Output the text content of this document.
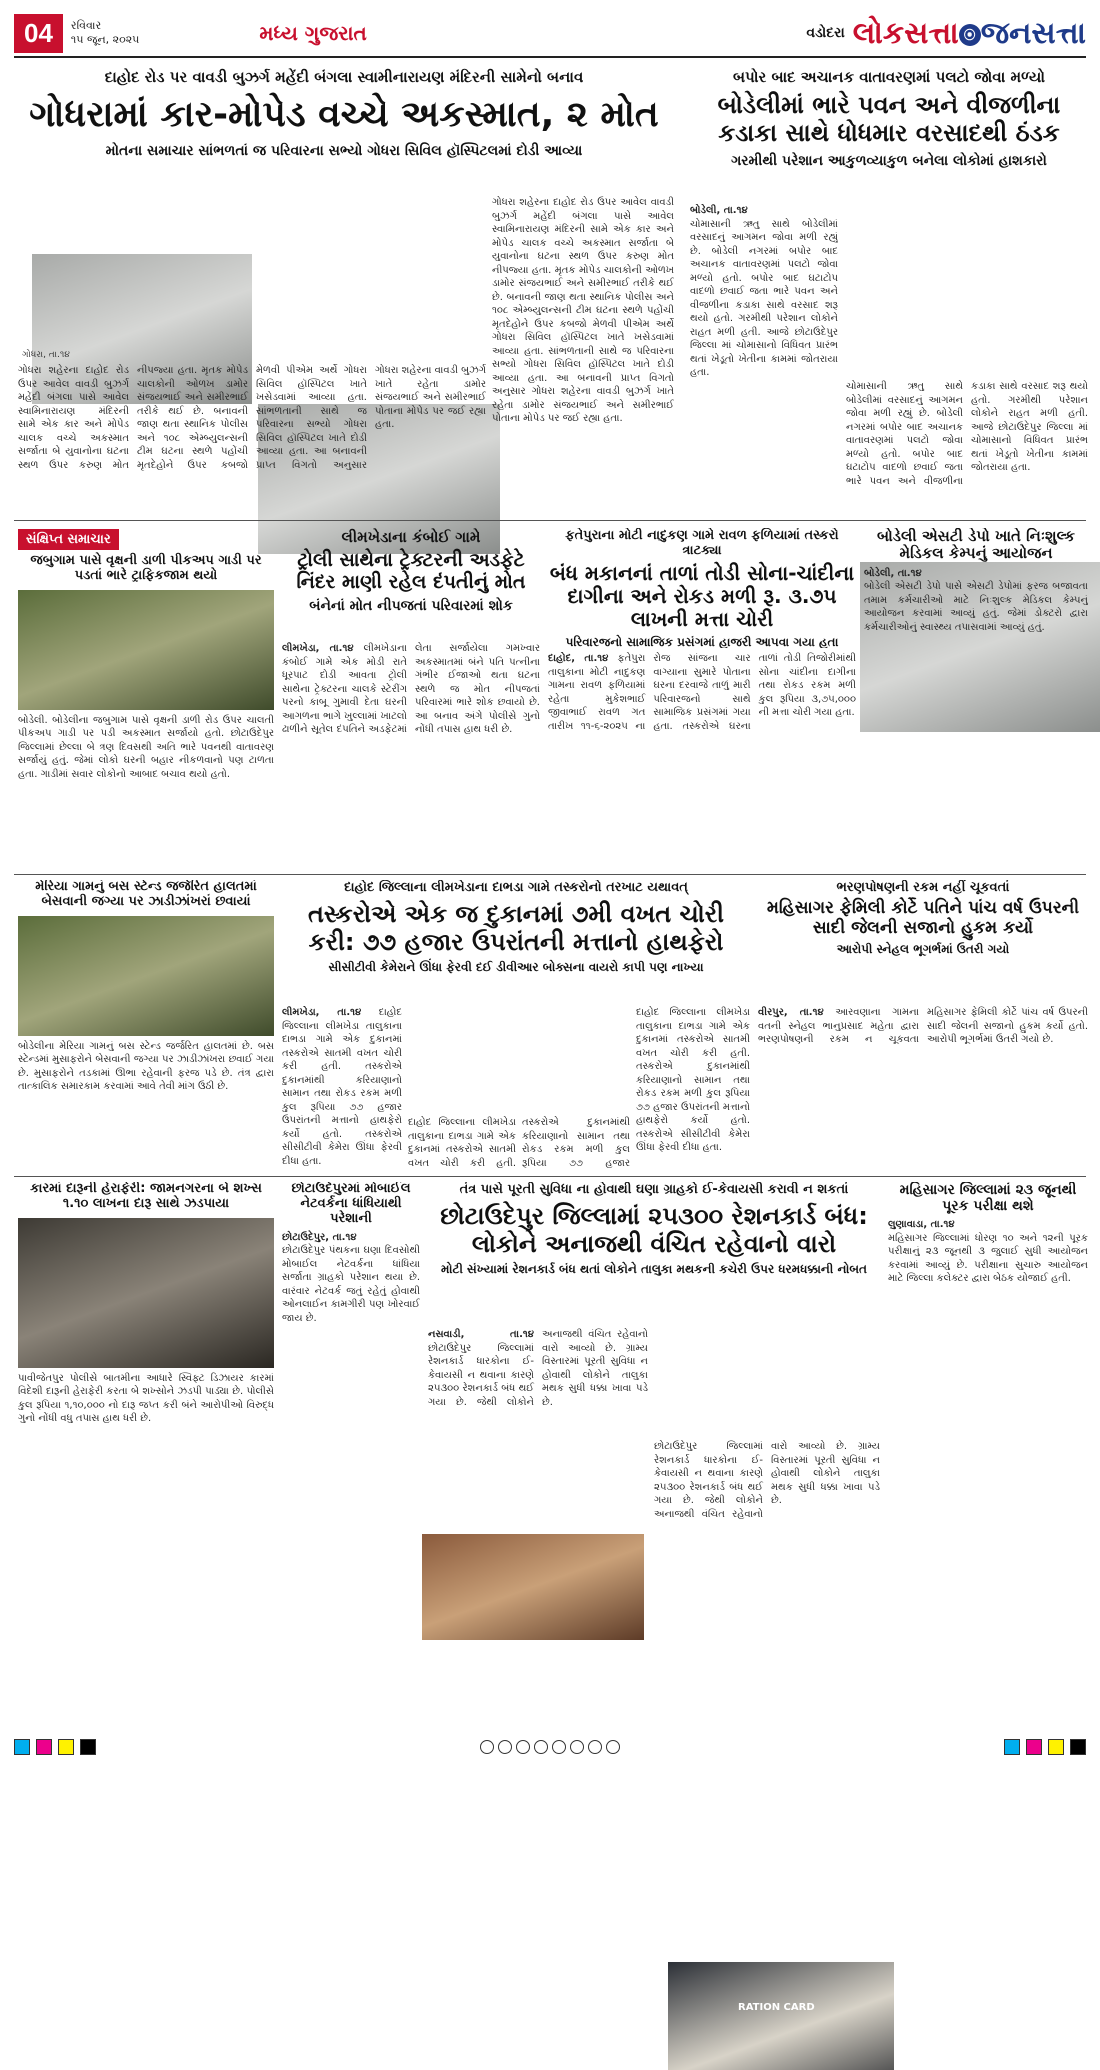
04	રવિવાર
૧૫ જૂન, ૨૦૨૫	મધ્ય ગુજરાત	વડોદરા લોકસત્તા ⦿ જનસત્તા
દાહોદ રોડ પર વાવડી બુઝર્ગ મહેંદી બંગલા સ્વામીનારાયણ મંદિરની સામેનો બનાવ
ગોધરામાં કાર-મોપેડ વચ્ચે અકસ્માત, ૨ મોત
મોતના સમાચાર સાંભળતાં જ પરિવારના સભ્યો ગોધરા સિવિલ હૉસ્પિટલમાં દોડી આવ્યા
ગોધરા, તા.૧૪
ગોધરા શહેરના દાહોદ રોડ ઉપર આવેલ વાવડી બુઝર્ગ મહેંદી બંગલા પાસે આવેલ સ્વામિનારાયણ મંદિરની સામે એક કાર અને મોપેડ ચાલક વચ્ચે અકસ્માત સર્જાતા બે યુવાનોના ઘટના સ્થળ ઉપર કરુણ મોત નીપજ્યા હતા. મૃતક મોપેડ ચાલકોની ઓળખ ડામોર સંજયભાઈ અને સમીરભાઈ તરીકે થઈ છે. બનાવની જાણ થતા સ્થાનિક પોલીસ અને ૧૦૮ એમ્બ્યુલન્સની ટીમ ઘટના સ્થળે પહોંચી મૃતદેહોને ઉપર કબજો મેળવી પીએમ અર્થે ગોધરા સિવિલ હૉસ્પિટલ ખાતે ખસેડવામાં આવ્યા હતા. સાંભળતાની સાથે જ પરિવારના સભ્યો ગોધરા સિવિલ હૉસ્પિટલ ખાતે દોડી આવ્યા હતા. આ બનાવની પ્રાપ્ત વિગતો અનુસાર ગોધરા શહેરના વાવડી બુઝર્ગ ખાતે રહેતા ડામોર સંજયભાઈ અને સમીરભાઈ પોતાના મોપેડ પર જઈ રહ્યા હતા.
ગોધરા શહેરના દાહોદ રોડ ઉપર આવેલ વાવડી બુઝર્ગ મહેંદી બંગલા પાસે આવેલ સ્વામિનારાયણ મંદિરની સામે એક કાર અને મોપેડ ચાલક વચ્ચે અકસ્માત સર્જાતા બે યુવાનોના ઘટના સ્થળ ઉપર કરુણ મોત નીપજ્યા હતા. મૃતક મોપેડ ચાલકોની ઓળખ ડામોર સંજયભાઈ અને સમીરભાઈ તરીકે થઈ છે. બનાવની જાણ થતા સ્થાનિક પોલીસ અને ૧૦૮ એમ્બ્યુલન્સની ટીમ ઘટના સ્થળે પહોંચી મૃતદેહોને ઉપર કબજો મેળવી પીએમ અર્થે ગોધરા સિવિલ હૉસ્પિટલ ખાતે ખસેડવામાં આવ્યા હતા. સાંભળતાની સાથે જ પરિવારના સભ્યો ગોધરા સિવિલ હૉસ્પિટલ ખાતે દોડી આવ્યા હતા. આ બનાવની પ્રાપ્ત વિગતો અનુસાર ગોધરા શહેરના વાવડી બુઝર્ગ ખાતે રહેતા ડામોર સંજયભાઈ અને સમીરભાઈ પોતાના મોપેડ પર જઈ રહ્યા હતા.
બપોર બાદ અચાનક વાતાવરણમાં પલટો જોવા મળ્યો
બોડેલીમાં ભારે પવન અને વીજળીના કડાકા સાથે ધોધમાર વરસાદથી ઠંડક
ગરમીથી પરેશાન આકુળવ્યાકુળ બનેલા લોકોમાં હાશકારો
બોડેલી, તા.૧૪
ચોમાસાની ઋતુ સાથે બોડેલીમાં વરસાદનું આગમન જોવા મળી રહ્યું છે. બોડેલી નગરમાં બપોર બાદ અચાનક વાતાવરણમાં પલટો જોવા મળ્યો હતો. બપોર બાદ ઘટાટોપ વાદળો છવાઈ જતા ભારે પવન અને વીજળીના કડાકા સાથે વરસાદ શરૂ થયો હતો. ગરમીથી પરેશાન લોકોને રાહત મળી હતી. આજે છોટાઉદેપુર જિલ્લા માં ચોમાસાનો વિધિવત પ્રારંભ થતાં ખેડૂતો ખેતીના કામમાં જોતરાયા હતા.
ચોમાસાની ઋતુ સાથે બોડેલીમાં વરસાદનું આગમન જોવા મળી રહ્યું છે. બોડેલી નગરમાં બપોર બાદ અચાનક વાતાવરણમાં પલટો જોવા મળ્યો હતો. બપોર બાદ ઘટાટોપ વાદળો છવાઈ જતા ભારે પવન અને વીજળીના કડાકા સાથે વરસાદ શરૂ થયો હતો. ગરમીથી પરેશાન લોકોને રાહત મળી હતી. આજે છોટાઉદેપુર જિલ્લા માં ચોમાસાનો વિધિવત પ્રારંભ થતાં ખેડૂતો ખેતીના કામમાં જોતરાયા હતા.
સંક્ષિપ્ત સમાચાર
જબુગામ પાસે વૃક્ષની ડાળી પીકઅપ ગાડી પર પડતાં ભારે ટ્રાફિકજામ થયો
બોડેલી. બોડેલીના જબુગામ પાસે વૃક્ષની ડાળી રોડ ઉપર ચાલતી પીકઅપ ગાડી પર પડી અકસ્માત સર્જાયો હતો. છોટાઉદેપુર જિલ્લામાં છેલ્લા બે ત્રણ દિવસથી અતિ ભારે પવનથી વાતાવરણ સર્જાયું હતું. જેમાં લોકો ઘરની બહાર નીકળવાનો પણ ટાળતા હતા. ગાડીમાં સવાર લોકોનો આબાદ બચાવ થયો હતો.
લીમખેડાના કંબોઈ ગામે
ટ્રોલી સાથેના ટ્રેક્ટરની અડફેટે નિંદર માણી રહેલ દંપતીનું મોત
બંનેનાં મોત નીપજતાં પરિવારમાં શોક
લીમખેડા, તા.૧૪ લીમખેડાના કંબોઈ ગામે એક મોડી રાતે ધૂરપાટ દોડી આવતા ટ્રોલી સાથેના ટ્રેક્ટરના ચાલકે સ્ટેરીંગ પરનો કાબૂ ગુમાવી દેતા ઘરની આગળના ભાગે ખુલ્લામાં ખાટલો ઢાળીને સૂતેલ દંપતિને અડફેટમાં લેતા સર્જાયેલા ગમખ્વાર અકસ્માતમાં બંને પતિ પત્નીના ગંભીર ઈજાઓ થતા ઘટના સ્થળે જ મોત નીપજતાં પરિવારમાં ભારે શોક છવાયો છે. આ બનાવ અંગે પોલીસે ગુનો નોંધી તપાસ હાથ ધરી છે.
ફતેપુરાના મોટી નાદુકણ ગામે રાવળ ફળિયામાં તસ્કરો ત્રાટક્યા
બંધ મકાનનાં તાળાં તોડી સોના-ચાંદીના દાગીના અને રોકડ મળી રૂ. ૩.૭૫ લાખની મત્તા ચોરી
પરિવારજનો સામાજિક પ્રસંગમાં હાજરી આપવા ગયા હતા
દાહોદ, તા.૧૪ ફતેપુરા તાલુકાના મોટી નાદુકણ ગામના રાવળ ફળિયામાં રહેતા મુકેશભાઈ જીવાભાઈ રાવળ ગત તારીખ ૧૧-૬-૨૦૨૫ ના રોજ સાંજના ચાર વાગ્યાના સુમારે પોતાના ઘરના દરવાજે તાળું મારી પરિવારજનો સાથે સામાજિક પ્રસંગમાં ગયા હતા. તસ્કરોએ ઘરના તાળાં તોડી તિજોરીમાંથી સોના ચાંદીના દાગીના તથા રોકડ રકમ મળી કુલ રૂપિયા ૩,૭૫,૦૦૦ ની મત્તા ચોરી ગયા હતા.
બોડેલી એસટી ડેપો ખાતે નિઃશુલ્ક મેડિકલ કેમ્પનું આયોજન
બોડેલી, તા.૧૪
બોડેલી એસટી ડેપો પાસે એસટી ડેપોમાં ફરજ બજાવતા તમામ કર્મચારીઓ માટે નિઃશુલ્ક મેડિકલ કેમ્પનું આયોજન કરવામાં આવ્યું હતું. જેમાં ડોક્ટરો દ્વારા કર્મચારીઓનું સ્વાસ્થ્ય તપાસવામાં આવ્યું હતું.
મેરિયા ગામનું બસ સ્ટેન્ડ જર્જરિત હાલતમાં બેસવાની જગ્યા પર ઝાડીઝાંખરાં છવાયાં
બોડેલીના મેરિયા ગામનું બસ સ્ટેન્ડ જર્જરિત હાલતમાં છે. બસ સ્ટેન્ડમાં મુસાફરોને બેસવાની જગ્યા પર ઝાડીઝાંખરા છવાઈ ગયા છે. મુસાફરોને તડકામાં ઊભા રહેવાની ફરજ પડે છે. તંત્ર દ્વારા તાત્કાલિક સમારકામ કરવામાં આવે તેવી માંગ ઉઠી છે.
દાહોદ જિલ્લાના લીમખેડાના દાભડા ગામે તસ્કરોનો તરખાટ યથાવત્
તસ્કરોએ એક જ દુકાનમાં ૭મી વખત ચોરી કરી: ૭૭ હજાર ઉપરાંતની મત્તાનો હાથફેરો
સીસીટીવી કેમેરાને ઊંધા ફેરવી દઈ ડીવીઆર બોક્સના વાયરો કાપી પણ નાખ્યા
લીમખેડા, તા.૧૪ દાહોદ જિલ્લાના લીમખેડા તાલુકાના દાભડા ગામે એક દુકાનમાં તસ્કરોએ સાતમી વખત ચોરી કરી હતી. તસ્કરોએ દુકાનમાંથી કરિયાણાનો સામાન તથા રોકડ રકમ મળી કુલ રૂપિયા ૭૭ હજાર ઉપરાંતની મત્તાનો હાથફેરો કર્યો હતો. તસ્કરોએ સીસીટીવી કેમેરા ઊંધા ફેરવી દીધા હતા.
દાહોદ જિલ્લાના લીમખેડા તાલુકાના દાભડા ગામે એક દુકાનમાં તસ્કરોએ સાતમી વખત ચોરી કરી હતી. તસ્કરોએ દુકાનમાંથી કરિયાણાનો સામાન તથા રોકડ રકમ મળી કુલ રૂપિયા ૭૭ હજાર
દાહોદ જિલ્લાના લીમખેડા તાલુકાના દાભડા ગામે એક દુકાનમાં તસ્કરોએ સાતમી વખત ચોરી કરી હતી. તસ્કરોએ દુકાનમાંથી કરિયાણાનો સામાન તથા રોકડ રકમ મળી કુલ રૂપિયા ૭૭ હજાર ઉપરાંતની મત્તાનો હાથફેરો કર્યો હતો. તસ્કરોએ સીસીટીવી કેમેરા ઊંધા ફેરવી દીધા હતા.
ભરણપોષણની રકમ નહીં ચૂકવતાં
મહિસાગર ફેમિલી કોર્ટે પતિને પાંચ વર્ષ ઉપરની સાદી જેલની સજાનો હુકમ કર્યો
આરોપી સ્નેહલ ભૂગર્ભમાં ઉતરી ગયો
વીરપુર, તા.૧૪ આરવણાના ગામના વતની સ્નેહલ ભાનુપ્રસાદ મહેતા દ્વારા ભરણપોષણની રકમ ન ચૂકવતા મહિસાગર ફેમિલી કોર્ટે પાંચ વર્ષ ઉપરની સાદી જેલની સજાનો હુકમ કર્યો હતો. આરોપી ભૂગર્ભમાં ઉતરી ગયો છે.
કારમાં દારૂની હેરાફેરી: જામનગરના બે શખ્સ ૧.૧૦ લાખના દારૂ સાથે ઝડપાયા
પાવીજેતપુર પોલીસે બાતમીના આધારે સ્વિફ્ટ ડિઝાયર કારમાં વિદેશી દારૂની હેરાફેરી કરતા બે શખ્સોને ઝડપી પાડ્યા છે. પોલીસે કુલ રૂપિયા ૧,૧૦,૦૦૦ નો દારૂ જપ્ત કરી બંને આરોપીઓ વિરુદ્ધ ગુનો નોંધી વધુ તપાસ હાથ ધરી છે.
છોટાઉદેપુરમાં મોબાઈલ નેટવર્કના ધાંધિયાથી પરેશાની
છોટાઉદેપુર, તા.૧૪
છોટાઉદેપુર પંથકના ઘણા દિવસોથી મોબાઈલ નેટવર્કના ધાંધિયા સર્જાતા ગ્રાહકો પરેશાન થયા છે. વારંવાર નેટવર્ક જતું રહેતું હોવાથી ઓનલાઈન કામગીરી પણ ખોરવાઈ જાય છે.
તંત્ર પાસે પૂરતી સુવિધા ના હોવાથી ઘણા ગ્રાહકો ઈ-કેવાયસી કરાવી ન શકતાં
છોટાઉદેપુર જિલ્લામાં ૨૫૩૦૦ રેશનકાર્ડ બંધ: લોકોને અનાજથી વંચિત રહેવાનો વારો
મોટી સંખ્યામાં રેશનકાર્ડ બંધ થતાં લોકોને તાલુકા મથકની કચેરી ઉપર ધરમધક્કાની નોબત
નસવાડી, તા.૧૪ છોટાઉદેપુર જિલ્લામાં રેશનકાર્ડ ધારકોના ઈ-કેવાયસી ન થવાના કારણે ૨૫૩૦૦ રેશનકાર્ડ બંધ થઈ ગયા છે. જેથી લોકોને અનાજથી વંચિત રહેવાનો વારો આવ્યો છે. ગ્રામ્ય વિસ્તારમાં પૂરતી સુવિધા ન હોવાથી લોકોને તાલુકા મથક સુધી ધક્કા ખાવા પડે છે.
RATION CARD
છોટાઉદેપુર જિલ્લામાં રેશનકાર્ડ ધારકોના ઈ-કેવાયસી ન થવાના કારણે ૨૫૩૦૦ રેશનકાર્ડ બંધ થઈ ગયા છે. જેથી લોકોને અનાજથી વંચિત રહેવાનો વારો આવ્યો છે. ગ્રામ્ય વિસ્તારમાં પૂરતી સુવિધા ન હોવાથી લોકોને તાલુકા મથક સુધી ધક્કા ખાવા પડે છે.
મહિસાગર જિલ્લામાં ૨૩ જૂનથી પૂરક પરીક્ષા થશે
લુણાવાડા, તા.૧૪
મહિસાગર જિલ્લામાં ધોરણ ૧૦ અને ૧૨ની પૂરક પરીક્ષાનું ૨૩ જૂનથી ૩ જુલાઈ સુધી આયોજન કરવામાં આવ્યું છે. પરીક્ષાના સુચારુ આયોજન માટે જિલ્લા કલેક્ટર દ્વારા બેઠક યોજાઈ હતી.
